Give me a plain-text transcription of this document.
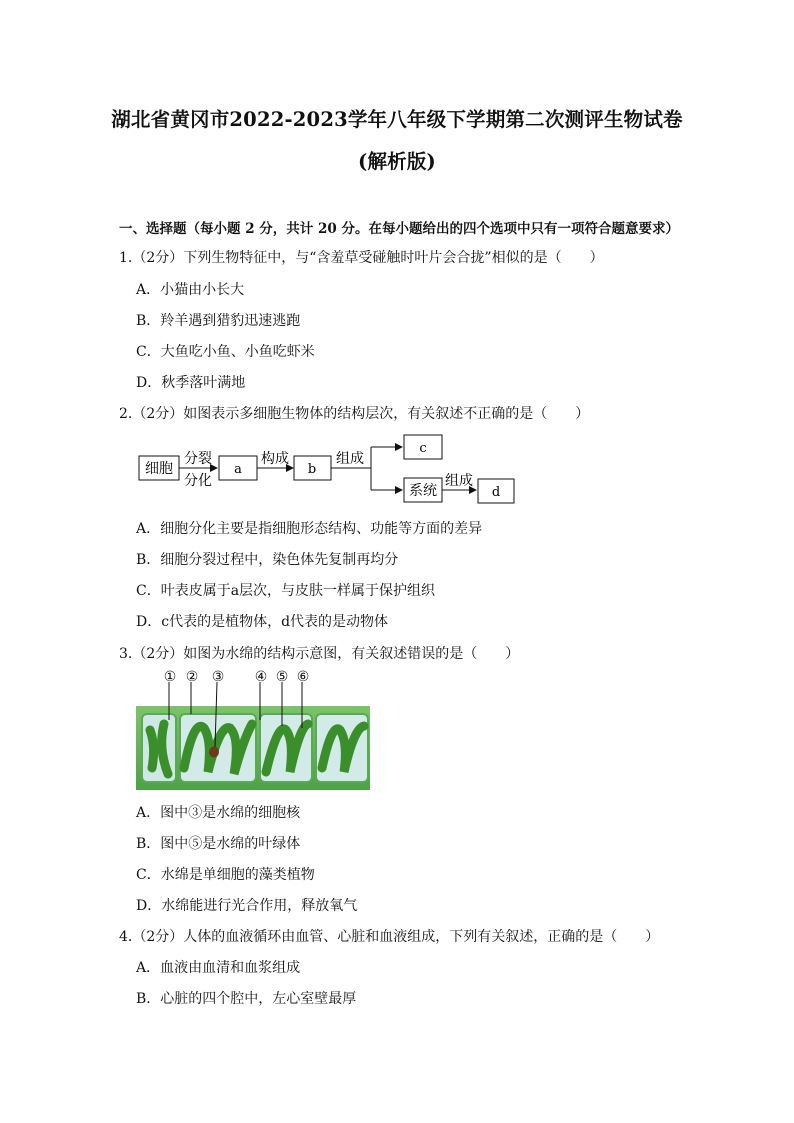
湖北省黄冈市2022-2023学年八年级下学期第二次测评生物试卷
(解析版)
一、选择题（每小题 2 分，共计 20 分。在每小题给出的四个选项中只有一项符合题意要求）
1.（2分）下列生物特征中，与“含羞草受碰触时叶片会合拢”相似的是（　　）
A．小猫由小长大
B．羚羊遇到猎豹迅速逃跑
C．大鱼吃小鱼、小鱼吃虾米
D．秋季落叶满地
2.（2分）如图表示多细胞生物体的结构层次，有关叙述不正确的是（　　）
细胞
分裂
分化
a
构成
b
组成
c
系统
组成
d
A．细胞分化主要是指细胞形态结构、功能等方面的差异
B．细胞分裂过程中，染色体先复制再均分
C．叶表皮属于a层次，与皮肤一样属于保护组织
D．c代表的是植物体，d代表的是动物体
3.（2分）如图为水绵的结构示意图，有关叙述错误的是（　　）
① ② ③ ④ ⑤ ⑥
A．图中③是水绵的细胞核
B．图中⑤是水绵的叶绿体
C．水绵是单细胞的藻类植物
D．水绵能进行光合作用，释放氧气
4.（2分）人体的血液循环由血管、心脏和血液组成，下列有关叙述，正确的是（　　）
A．血液由血清和血浆组成
B．心脏的四个腔中，左心室壁最厚
